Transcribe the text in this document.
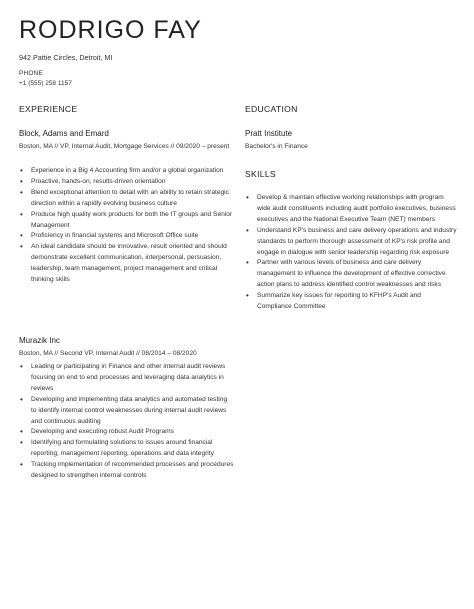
RODRIGO FAY
942 Pattie Circles, Detroit, MI
PHONE
+1 (555) 258 1157
EXPERIENCE
Block, Adams and Emard
Boston, MA // VP, Internal Audit, Mortgage Services // 09/2020 – present
• Experience in a Big 4 Accounting firm and/or a global organization
• Proactive, hands-on, results-driven orientation
• Blend exceptional attention to detail with an ability to retain strategic direction within a rapidly evolving business culture
• Produce high quality work products for both the IT groups and Senior Management
• Proficiency in financial systems and Microsoft Office suite
• An ideal candidate should be innovative, result oriented and should demonstrate excellent communication, interpersonal, persuasion, leadership, team management, project management and critical thinking skills
Murazik Inc
Boston, MA // Second VP, Internal Audit // 08/2014 – 08/2020
• Leading or participating in Finance and other internal audit reviews focusing on end to end processes and leveraging data analytics in reviews
• Developing and implementing data analytics and automated testing to identify internal control weaknesses during internal audit reviews and continuous auditing
• Developing and executing robust Audit Programs
• Identifying and formulating solutions to issues around financial reporting, management reporting, operations and data integrity
• Tracking implementation of recommended processes and procedures designed to strengthen internal controls
EDUCATION
Pratt Institute
Bachelor's in Finance
SKILLS
• Develop & maintain effective working relationships with program wide audit constituents including audit portfolio executives, business executives and the National Executive Team (NET) members
• Understand KP's business and care delivery operations and industry standards to perform thorough assessment of KP's risk profile and engage in dialogue with senior leadership regarding risk exposure
• Partner with various levels of business and care delivery management to influence the development of effective corrective action plans to address identified control weaknesses and risks
• Summarize key issues for reporting to KFHP's Audit and Compliance Committee
